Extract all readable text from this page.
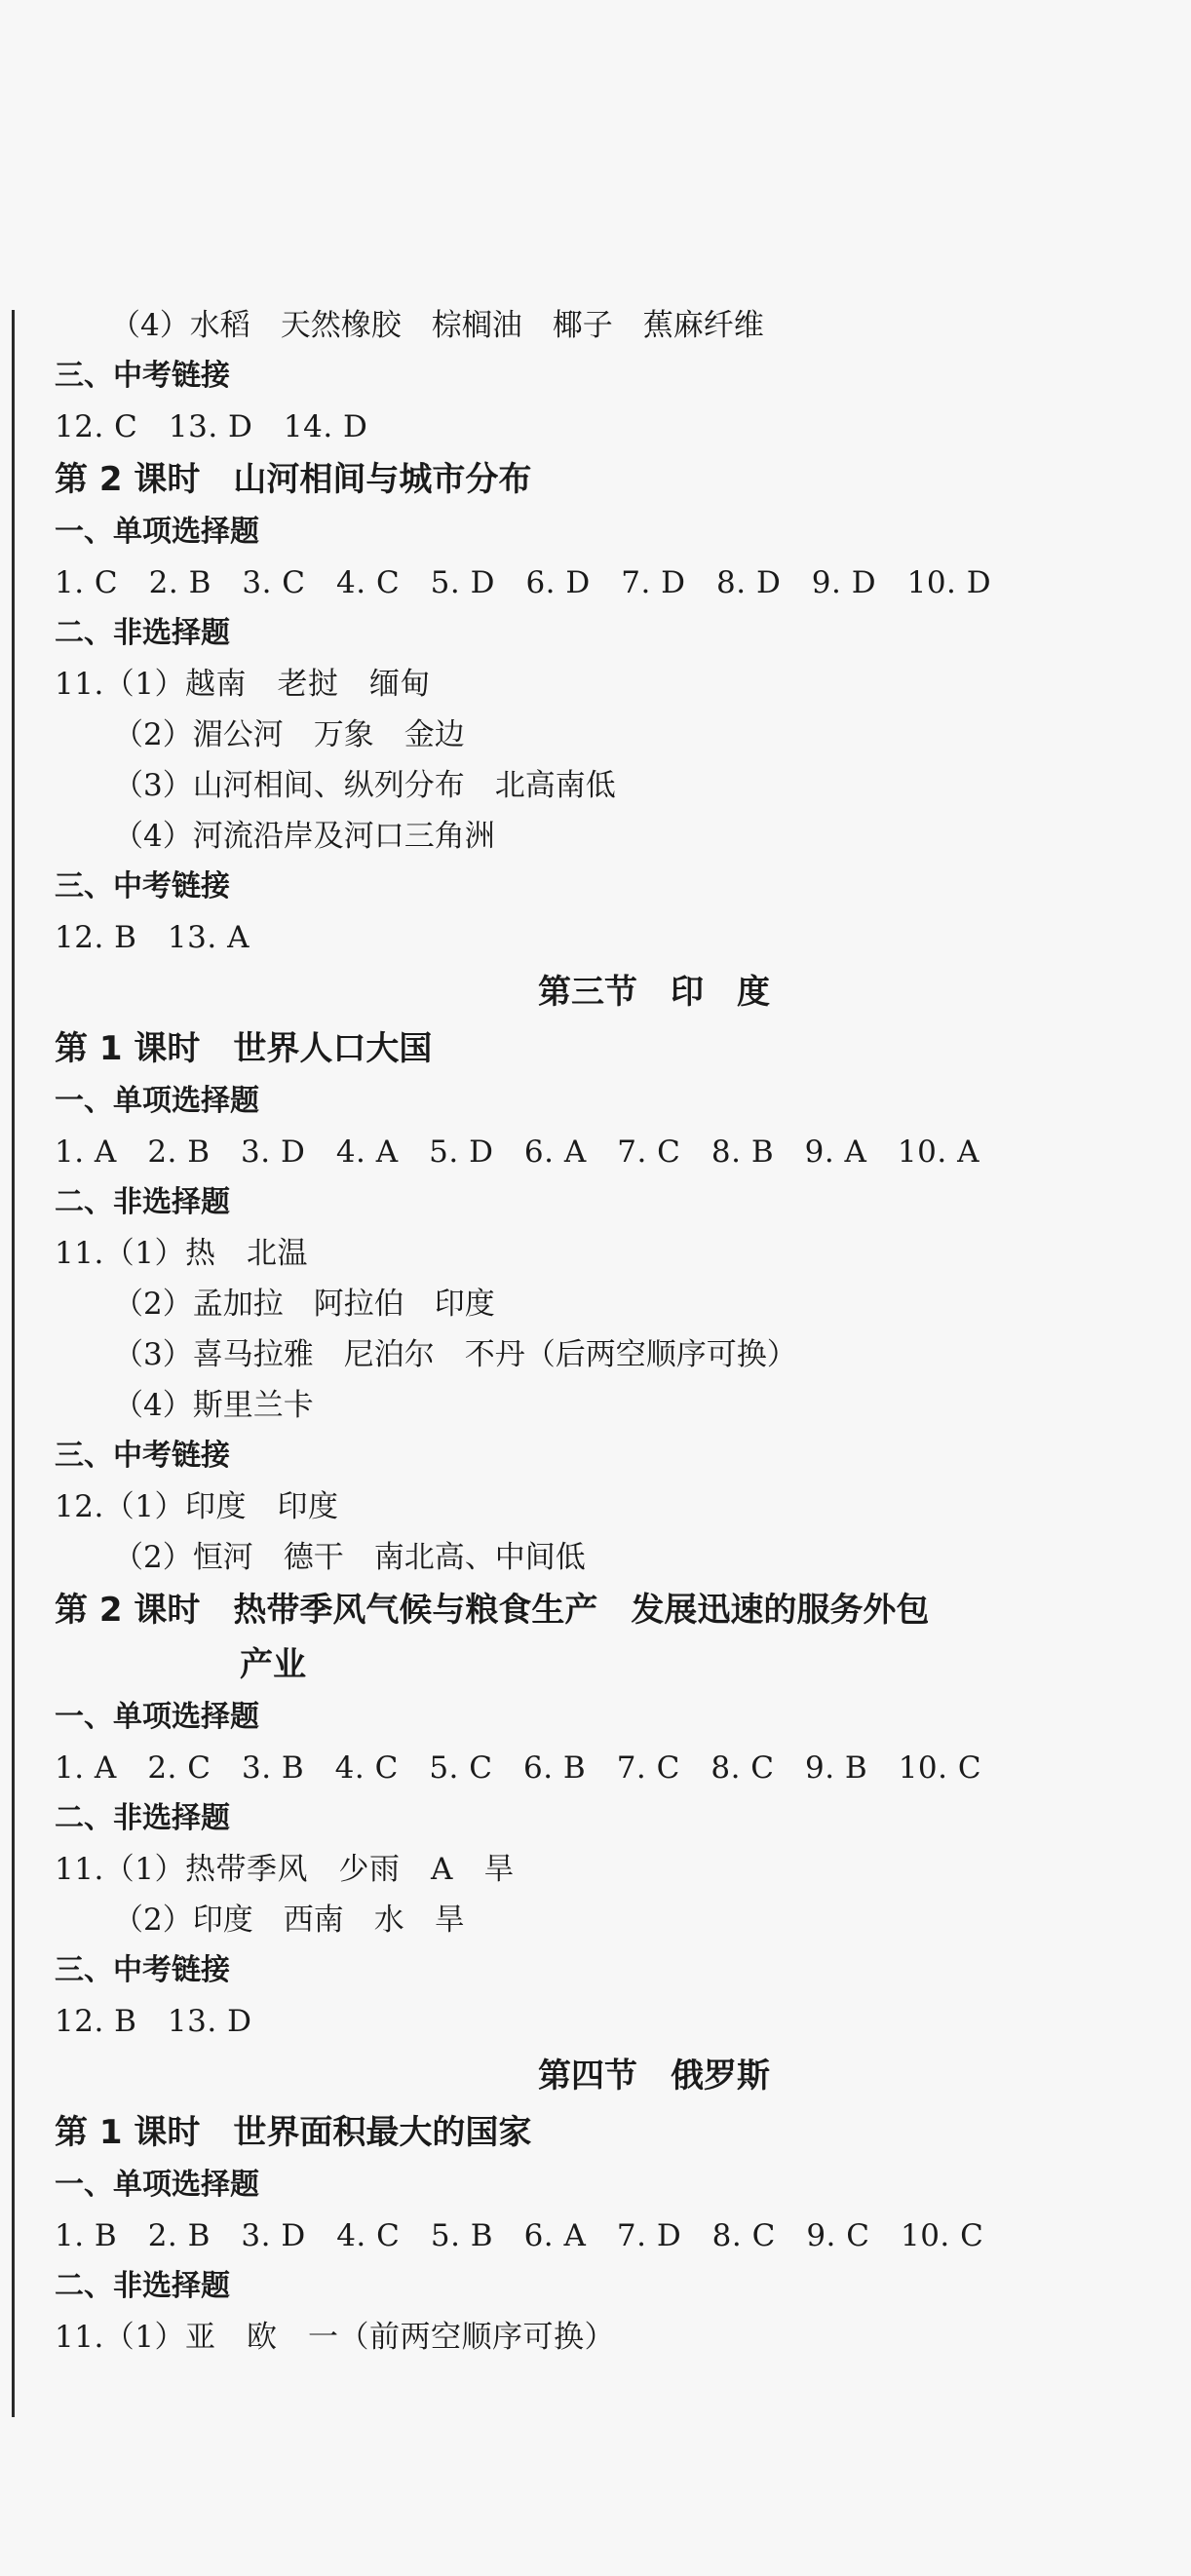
（4）水稻　天然橡胶　棕榈油　椰子　蕉麻纤维
三、中考链接
12. C　13. D　14. D
第 2 课时　山河相间与城市分布
一、单项选择题
1. C　2. B　3. C　4. C　5. D　6. D　7. D　8. D　9. D　10. D
二、非选择题
11.（1）越南　老挝　缅甸
（2）湄公河　万象　金边
（3）山河相间、纵列分布　北高南低
（4）河流沿岸及河口三角洲
三、中考链接
12. B　13. A
第三节　印　度
第 1 课时　世界人口大国
一、单项选择题
1. A　2. B　3. D　4. A　5. D　6. A　7. C　8. B　9. A　10. A
二、非选择题
11.（1）热　北温
（2）孟加拉　阿拉伯　印度
（3）喜马拉雅　尼泊尔　不丹（后两空顺序可换）
（4）斯里兰卡
三、中考链接
12.（1）印度　印度
（2）恒河　德干　南北高、中间低
第 2 课时　热带季风气候与粮食生产　发展迅速的服务外包
产业
一、单项选择题
1. A　2. C　3. B　4. C　5. C　6. B　7. C　8. C　9. B　10. C
二、非选择题
11.（1）热带季风　少雨　A　旱
（2）印度　西南　水　旱
三、中考链接
12. B　13. D
第四节　俄罗斯
第 1 课时　世界面积最大的国家
一、单项选择题
1. B　2. B　3. D　4. C　5. B　6. A　7. D　8. C　9. C　10. C
二、非选择题
11.（1）亚　欧　一（前两空顺序可换）
